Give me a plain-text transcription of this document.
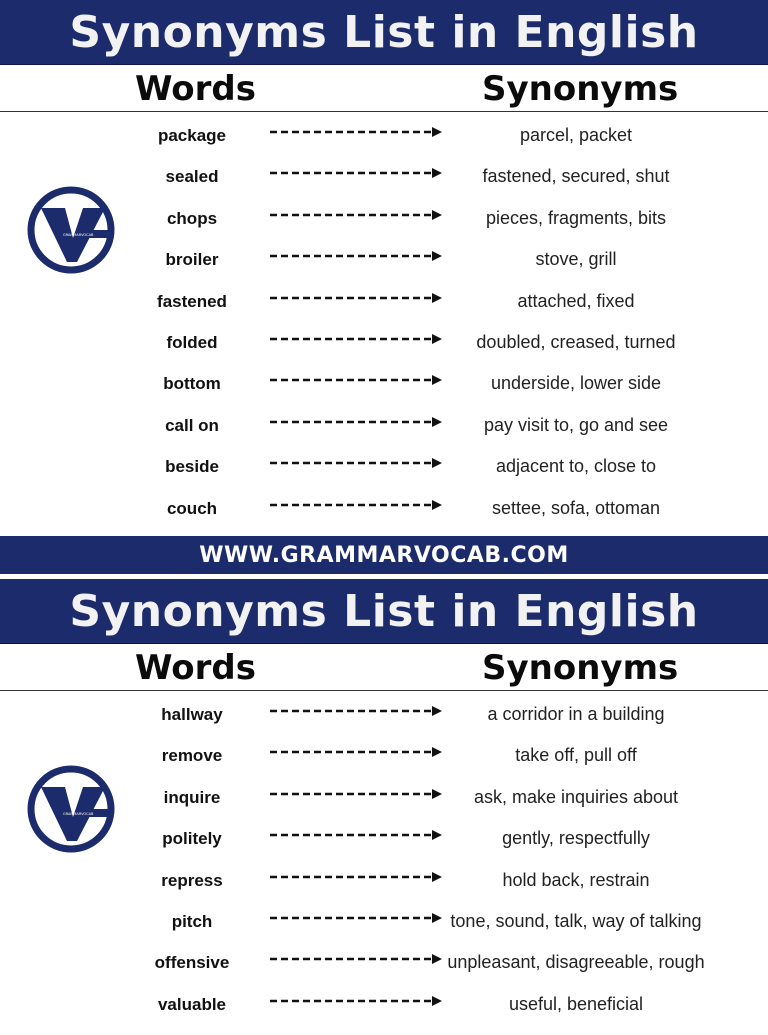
Synonyms List in English
Words	Synonyms
GRAMMARVOCAB
package	parcel, packet
sealed	fastened, secured, shut
chops	pieces, fragments, bits
broiler	stove, grill
fastened	attached, fixed
folded	doubled, creased, turned
bottom	underside, lower side
call on	pay visit to, go and see
beside	adjacent to, close to
couch	settee, sofa, ottoman
WWW.GRAMMARVOCAB.COM
Synonyms List in English
Words	Synonyms
GRAMMARVOCAB
hallway	a corridor in a building
remove	take off, pull off
inquire	ask, make inquiries about
politely	gently, respectfully
repress	hold back, restrain
pitch	tone, sound, talk, way of talking
offensive	unpleasant, disagreeable, rough
valuable	useful, beneficial
